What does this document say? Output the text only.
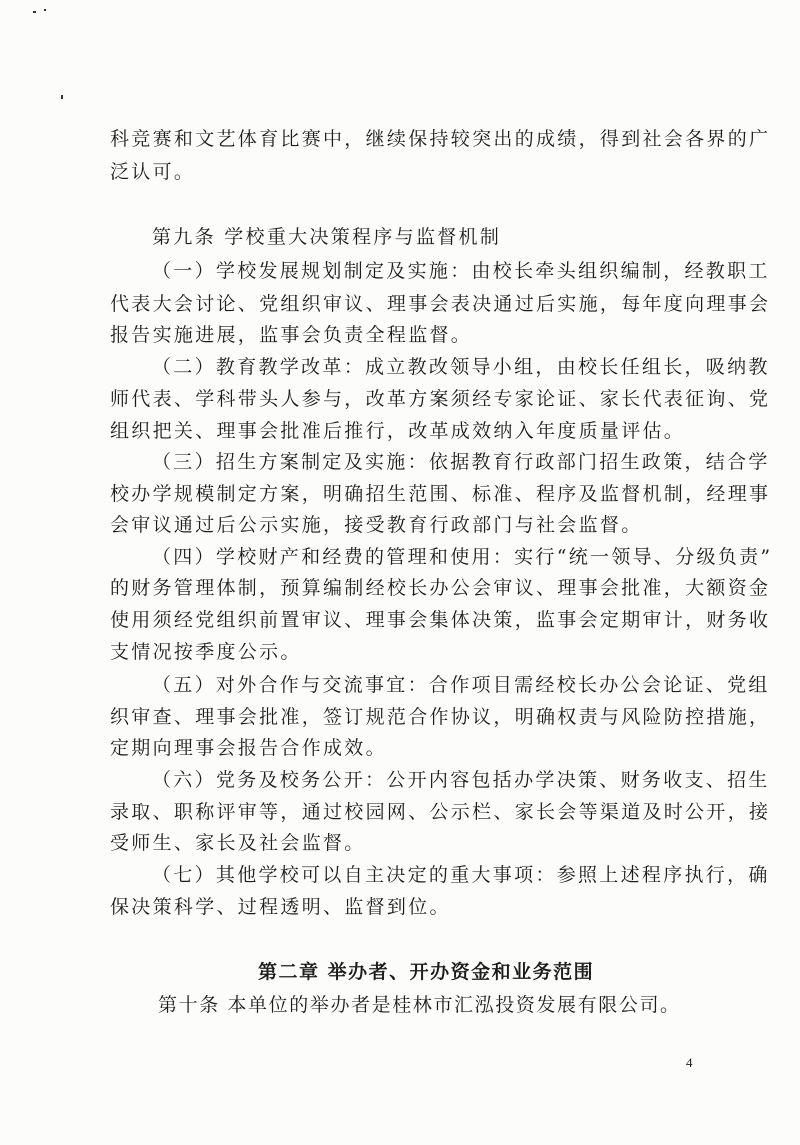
科竞赛和文艺体育比赛中，继续保持较突出的成绩，得到社会各界的广
泛认可。
第九条 学校重大决策程序与监督机制
（一）学校发展规划制定及实施：由校长牵头组织编制，经教职工
代表大会讨论、党组织审议、理事会表决通过后实施，每年度向理事会
报告实施进展，监事会负责全程监督。
（二）教育教学改革：成立教改领导小组，由校长任组长，吸纳教
师代表、学科带头人参与，改革方案须经专家论证、家长代表征询、党
组织把关、理事会批准后推行，改革成效纳入年度质量评估。
（三）招生方案制定及实施：依据教育行政部门招生政策，结合学
校办学规模制定方案，明确招生范围、标准、程序及监督机制，经理事
会审议通过后公示实施，接受教育行政部门与社会监督。
（四）学校财产和经费的管理和使用：实行“统一领导、分级负责”
的财务管理体制，预算编制经校长办公会审议、理事会批准，大额资金
使用须经党组织前置审议、理事会集体决策，监事会定期审计，财务收
支情况按季度公示。
（五）对外合作与交流事宜：合作项目需经校长办公会论证、党组
织审查、理事会批准，签订规范合作协议，明确权责与风险防控措施，
定期向理事会报告合作成效。
（六）党务及校务公开：公开内容包括办学决策、财务收支、招生
录取、职称评审等，通过校园网、公示栏、家长会等渠道及时公开，接
受师生、家长及社会监督。
（七）其他学校可以自主决定的重大事项：参照上述程序执行，确
保决策科学、过程透明、监督到位。
第二章 举办者、开办资金和业务范围
第十条 本单位的举办者是桂林市汇泓投资发展有限公司。
4
